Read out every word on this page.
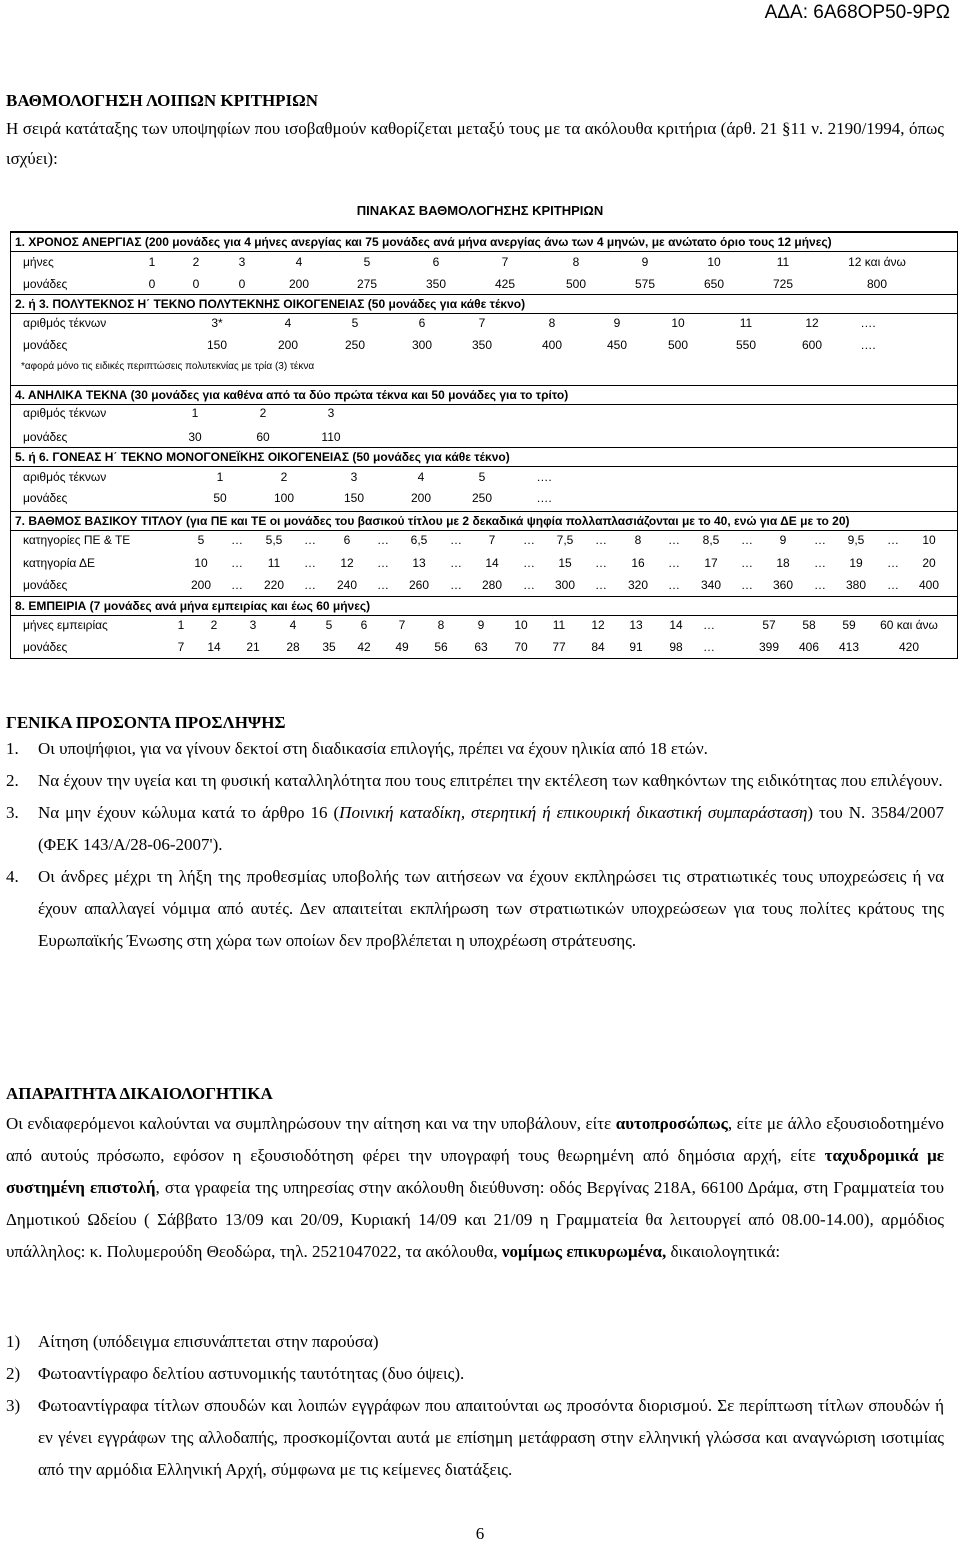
ΑΔΑ: 6Α68ΟΡ50-9ΡΩ
ΒΑΘΜΟΛΟΓΗΣΗ ΛΟΙΠΩΝ ΚΡΙΤΗΡΙΩΝ
Η σειρά κατάταξης των υποψηφίων που ισοβαθμούν καθορίζεται μεταξύ τους με τα ακόλουθα κριτήρια (άρθ. 21 §11 ν. 2190/1994, όπως ισχύει):
ΠΙΝΑΚΑΣ ΒΑΘΜΟΛΟΓΗΣΗΣ ΚΡΙΤΗΡΙΩΝ
1. ΧΡΟΝΟΣ ΑΝΕΡΓΙΑΣ (200 μονάδες για 4 μήνες ανεργίας και 75 μονάδες ανά μήνα ανεργίας άνω των 4 μηνών, με ανώτατο όριο τους 12 μήνες)
μήνες	1	2	3	4	5	6	7	8	9	10	11	12 και άνω
μονάδες	0	0	0	200	275	350	425	500	575	650	725	800
2. ή 3. ΠΟΛΥΤΕΚΝΟΣ Η΄ ΤΕΚΝΟ ΠΟΛΥΤΕΚΝΗΣ ΟΙΚΟΓΕΝΕΙΑΣ (50 μονάδες για κάθε τέκνο)
αριθμός τέκνων	3*	4	5	6	7	8	9	10	11	12	….
μονάδες	150	200	250	300	350	400	450	500	550	600	….
*αφορά μόνο τις ειδικές περιπτώσεις πολυτεκνίας με τρία (3) τέκνα
4. ΑΝΗΛΙΚΑ ΤΕΚΝΑ (30 μονάδες για καθένα από τα δύο πρώτα τέκνα και 50 μονάδες για το τρίτο)
αριθμός τέκνων	1	2	3
μονάδες	30	60	110
5. ή 6. ΓΟΝΕΑΣ Η΄ ΤΕΚΝΟ ΜΟΝΟΓΟΝΕΪΚΗΣ ΟΙΚΟΓΕΝΕΙΑΣ (50 μονάδες για κάθε τέκνο)
αριθμός τέκνων	1	2	3	4	5	….
μονάδες	50	100	150	200	250	….
7. ΒΑΘΜΟΣ ΒΑΣΙΚΟΥ ΤΙΤΛΟΥ (για ΠΕ και ΤΕ οι μονάδες του βασικού τίτλου με 2 δεκαδικά ψηφία πολλαπλασιάζονται με το 40, ενώ για ΔΕ με το 20)
κατηγορίες ΠΕ & ΤΕ	5 … 5,5 … 6 … 6,5 … 7 … 7,5 … 8 … 8,5 … 9 … 9,5 … 10
κατηγορία ΔΕ	10 … 11 … 12 … 13 … 14 … 15 … 16 … 17 … 18 … 19 … 20
μονάδες	200 … 220 … 240 … 260 … 280 … 300 … 320 … 340 … 360 … 380 … 400
8. ΕΜΠΕΙΡΙΑ (7 μονάδες ανά μήνα εμπειρίας και έως 60 μήνες)
μήνες εμπειρίας	1 2	3	4 5 6	7	8	9 10 11 12 13 14 …	57 58 59 60 και άνω
μονάδες	7 14 21 28 35 42 49 56 63 70 77 84 91 98 …	399 406 413	420
ΓΕΝΙΚΑ ΠΡΟΣΟΝΤΑ ΠΡΟΣΛΗΨΗΣ
1.	Οι υποψήφιοι, για να γίνουν δεκτοί στη διαδικασία επιλογής, πρέπει να έχουν ηλικία από 18 ετών.
2.	Να έχουν την υγεία και τη φυσική καταλληλότητα που τους επιτρέπει την εκτέλεση των καθηκόντων της ειδικότητας που επιλέγουν.
3.	Να μην έχουν κώλυμα κατά το άρθρο 16 (Ποινική καταδίκη, στερητική ή επικουρική δικαστική συμπαράσταση) του Ν. 3584/2007 (ΦΕΚ 143/Α/28-06-2007').
4.	Οι άνδρες μέχρι τη λήξη της προθεσμίας υποβολής των αιτήσεων να έχουν εκπληρώσει τις στρατιωτικές τους υποχρεώσεις ή να έχουν απαλλαγεί νόμιμα από αυτές. Δεν απαιτείται εκπλήρωση των στρατιωτικών υποχρεώσεων για τους πολίτες κράτους της Ευρωπαϊκής Ένωσης στη χώρα των οποίων δεν προβλέπεται η υποχρέωση στράτευσης.
ΑΠΑΡΑΙΤΗΤΑ ΔΙΚΑΙΟΛΟΓΗΤΙΚΑ
Οι ενδιαφερόμενοι καλούνται να συμπληρώσουν την αίτηση και να την υποβάλουν, είτε αυτοπροσώπως, είτε με άλλο εξουσιοδοτημένο από αυτούς πρόσωπο, εφόσον η εξουσιοδότηση φέρει την υπογραφή τους θεωρημένη από δημόσια αρχή, είτε ταχυδρομικά με συστημένη επιστολή, στα γραφεία της υπηρεσίας στην ακόλουθη διεύθυνση: οδός Βεργίνας 218Α, 66100 Δράμα, στη Γραμματεία του Δημοτικού Ωδείου ( Σάββατο 13/09 και 20/09, Κυριακή 14/09 και 21/09 η Γραμματεία θα λειτουργεί από 08.00-14.00), αρμόδιος υπάλληλος: κ. Πολυμερούδη Θεοδώρα, τηλ. 2521047022, τα ακόλουθα, νομίμως επικυρωμένα, δικαιολογητικά:
1)	Αίτηση (υπόδειγμα επισυνάπτεται στην παρούσα)
2)	Φωτοαντίγραφο δελτίου αστυνομικής ταυτότητας (δυο όψεις).
3)	Φωτοαντίγραφα τίτλων σπουδών και λοιπών εγγράφων που απαιτούνται ως προσόντα διορισμού. Σε περίπτωση τίτλων σπουδών ή εν γένει εγγράφων της αλλοδαπής, προσκομίζονται αυτά με επίσημη μετάφραση στην ελληνική γλώσσα και αναγνώριση ισοτιμίας από την αρμόδια Ελληνική Αρχή, σύμφωνα με τις κείμενες διατάξεις.
6
